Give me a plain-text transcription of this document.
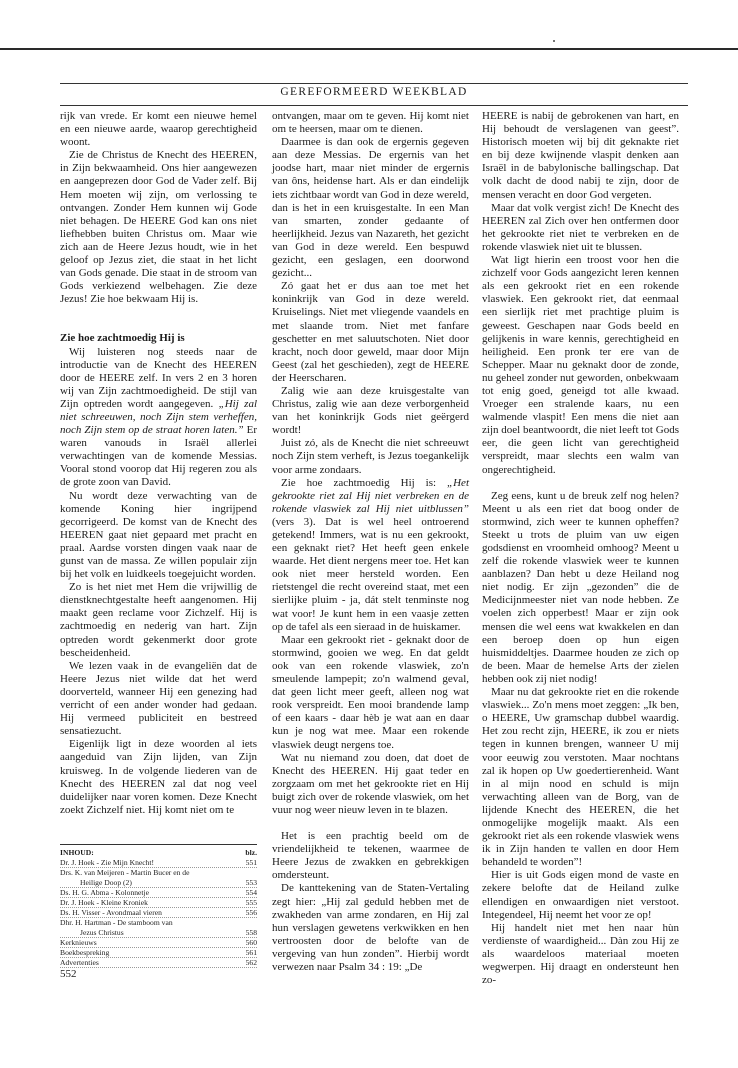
GEREFORMEERD WEEKBLAD

rijk van vrede. Er komt een nieuwe hemel en een nieuwe aarde, waarop gerechtigheid woont.

Zie de Christus de Knecht des HEEREN, in Zijn bekwaamheid. Ons hier aangewezen en aangeprezen door God de Vader zelf. Bij Hem moeten wij zijn, om verlossing te ontvangen. Zonder Hem kunnen wij Gode niet behagen. De HEERE God kan ons niet liefhebben buiten Christus om. Maar wie zich aan de Heere Jezus houdt, wie in het geloof op Jezus ziet, die staat in het licht van Gods genade. Die staat in de stroom van Gods verkiezend welbehagen. Zie deze Jezus! Zie hoe bekwaam Hij is.

Zie hoe zachtmoedig Hij is

Wij luisteren nog steeds naar de introductie van de Knecht des HEEREN door de HEERE zelf. In vers 2 en 3 horen wij van Zijn zachtmoedigheid. De stijl van Zijn optreden wordt aangegeven. „Hij zal niet schreeuwen, noch Zijn stem verheffen, noch Zijn stem op de straat horen laten.” Er waren vanouds in Israël allerlei verwachtingen van de komende Messias. Vooral stond voorop dat Hij regeren zou als de grote zoon van David.

Nu wordt deze verwachting van de komende Koning hier ingrijpend gecorrigeerd. De komst van de Knecht des HEEREN gaat niet gepaard met pracht en praal. Aardse vorsten dingen vaak naar de gunst van de massa. Ze willen populair zijn bij het volk en luidkeels toegejuicht worden.

Zo is het niet met Hem die vrijwillig de dienstknechtgestalte heeft aangenomen. Hij maakt geen reclame voor Zichzelf. Hij is zachtmoedig en nederig van hart. Zijn optreden wordt gekenmerkt door grote bescheidenheid.

We lezen vaak in de evangeliën dat de Heere Jezus niet wilde dat het werd doorverteld, wanneer Hij een genezing had verricht of een ander wonder had gedaan. Hij vermeed publiciteit en bestreed sensatiezucht.

Eigenlijk ligt in deze woorden al iets aangeduid van Zijn lijden, van Zijn kruisweg. In de volgende liederen van de Knecht des HEEREN zal dat nog veel duidelijker naar voren komen. Deze Knecht zoekt Zichzelf niet. Hij komt niet om te

INHOUD:	blz.
Dr. J. Hoek - Zie Mijn Knecht!	551
Drs. K. van Meijeren - Martin Bucer en de
Heilige Doop (2)	553
Ds. H. G. Abma - Kolonnetje	554
Dr. J. Hoek - Kleine Kroniek	555
Ds. H. Visser - Avondmaal vieren	556
Dhr. H. Hartman - De stamboom van
Jezus Christus	558
Kerknieuws	560
Boekbespreking	561
Advertenties	562
552

ontvangen, maar om te geven. Hij komt niet om te heersen, maar om te dienen.

Daarmee is dan ook de ergernis gegeven aan deze Messias. De ergernis van het joodse hart, maar niet minder de ergernis van ôns, heidense hart. Als er dan eindelijk iets zichtbaar wordt van God in deze wereld, dan is het in een kruisgestalte. In een Man van smarten, zonder gedaante of heerlijkheid. Jezus van Nazareth, het gezicht van God in deze wereld. Een bespuwd gezicht, een geslagen, een doorwond gezicht...

Zó gaat het er dus aan toe met het koninkrijk van God in deze wereld. Kruiselings. Niet met vliegende vaandels en met slaande trom. Niet met fanfare geschetter en met saluutschoten. Niet door kracht, noch door geweld, maar door Mijn Geest (zal het geschieden), zegt de HEERE der Heerscharen.

Zalig wie aan deze kruisgestalte van Christus, zalig wie aan deze verborgenheid van het koninkrijk Gods niet geërgerd wordt!

Juist zó, als de Knecht die niet schreeuwt noch Zijn stem verheft, is Jezus toegankelijk voor arme zondaars.

Zie hoe zachtmoedig Hij is: „Het gekrookte riet zal Hij niet verbreken en de rokende vlaswiek zal Hij niet uitblussen” (vers 3). Dat is wel heel ontroerend getekend! Immers, wat is nu een gekrookt, een geknakt riet? Het heeft geen enkele waarde. Het dient nergens meer toe. Het kan ook niet meer hersteld worden. Een rietstengel die recht overeind staat, met een sierlijke pluim - ja, dát stelt tenminste nog wat voor! Je kunt hem in een vaasje zetten op de tafel als een sieraad in de huiskamer.

Maar een gekrookt riet - geknakt door de stormwind, gooien we weg. En dat geldt ook van een rokende vlaswiek, zo'n smeulende lampepit; zo'n walmend geval, dat geen licht meer geeft, alleen nog wat rook verspreidt. Een mooi brandende lamp of een kaars - daar hèb je wat aan en daar kun je nog wat mee. Maar een rokende vlaswiek deugt nergens toe.

Wat nu niemand zou doen, dat doet de Knecht des HEEREN. Hij gaat teder en zorgzaam om met het gekrookte riet en Hij buigt zich over de rokende vlaswiek, om het vuur nog weer nieuw leven in te blazen.

Het is een prachtig beeld om de vriendelijkheid te tekenen, waarmee de Heere Jezus de zwakken en gebrekkigen omdersteunt.

De kanttekening van de Staten-Vertaling zegt hier: „Hij zal geduld hebben met de zwakheden van arme zondaren, en Hij zal hun verslagen gewetens verkwikken en hen vertroosten door de belofte van de vergeving van hun zonden”. Hierbij wordt verwezen naar Psalm 34 : 19: „De

HEERE is nabij de gebrokenen van hart, en Hij behoudt de verslagenen van geest”. Historisch moeten wij bij dit geknakte riet en bij deze kwijnende vlaspit denken aan Israël in de babylonische ballingschap. Dat volk dacht de dood nabij te zijn, door de mensen veracht en door God vergeten.

Maar dat volk vergist zich! De Knecht des HEEREN zal Zich over hen ontfermen door het gekrookte riet niet te verbreken en de rokende vlaswiek niet uit te blussen.

Wat ligt hierin een troost voor hen die zichzelf voor Gods aangezicht leren kennen als een gekrookt riet en een rokende vlaswiek. Een gekrookt riet, dat eenmaal een sierlijk riet met prachtige pluim is geweest. Geschapen naar Gods beeld en gelijkenis in ware kennis, gerechtigheid en heiligheid. Een pronk ter ere van de Schepper. Maar nu geknakt door de zonde, nu geheel zonder nut geworden, onbekwaam tot enig goed, geneigd tot alle kwaad. Vroeger een stralende kaars, nu een walmende vlaspit! Een mens die niet aan zijn doel beantwoordt, die niet leeft tot Gods eer, die geen licht van gerechtigheid verspreidt, maar slechts een walm van ongerechtigheid.

Zeg eens, kunt u de breuk zelf nog helen? Meent u als een riet dat boog onder de stormwind, zich weer te kunnen opheffen? Steekt u trots de pluim van uw eigen godsdienst en vroomheid omhoog? Meent u zelf die rokende vlaswiek weer te kunnen aanblazen? Dan hebt u deze Heiland nog niet nodig. Er zijn „gezonden” die de Medicijnmeester niet van node hebben. Ze voelen zich opperbest! Maar er zijn ook mensen die wel eens wat kwakkelen en dan een beroep doen op hun eigen huismiddeltjes. Daarmee houden ze zich op de been. Maar de hemelse Arts der zielen hebben ook zij niet nodig!

Maar nu dat gekrookte riet en die rokende vlaswiek... Zo'n mens moet zeggen: „Ik ben, o HEERE, Uw gramschap dubbel waardig. Het zou recht zijn, HEERE, ik zou er niets tegen in kunnen brengen, wanneer U mij voor eeuwig zou verstoten. Maar nochtans zal ik hopen op Uw goedertierenheid. Want in al mijn nood en schuld is mijn verwachting alleen van de Borg, van de lijdende Knecht des HEEREN, die het onmogelijke mogelijk maakt. Als een gekrookt riet als een rokende vlaswiek wens ik in Zijn handen te vallen en door Hem behandeld te worden”!

Hier is uit Gods eigen mond de vaste en zekere belofte dat de Heiland zulke ellendigen en onwaardigen niet verstoot. Integendeel, Hij neemt het voor ze op!

Hij handelt niet met hen naar hùn verdienste of waardigheid... Dàn zou Hij ze als waardeloos materiaal moeten wegwerpen. Hij draagt en ondersteunt hen zo-
